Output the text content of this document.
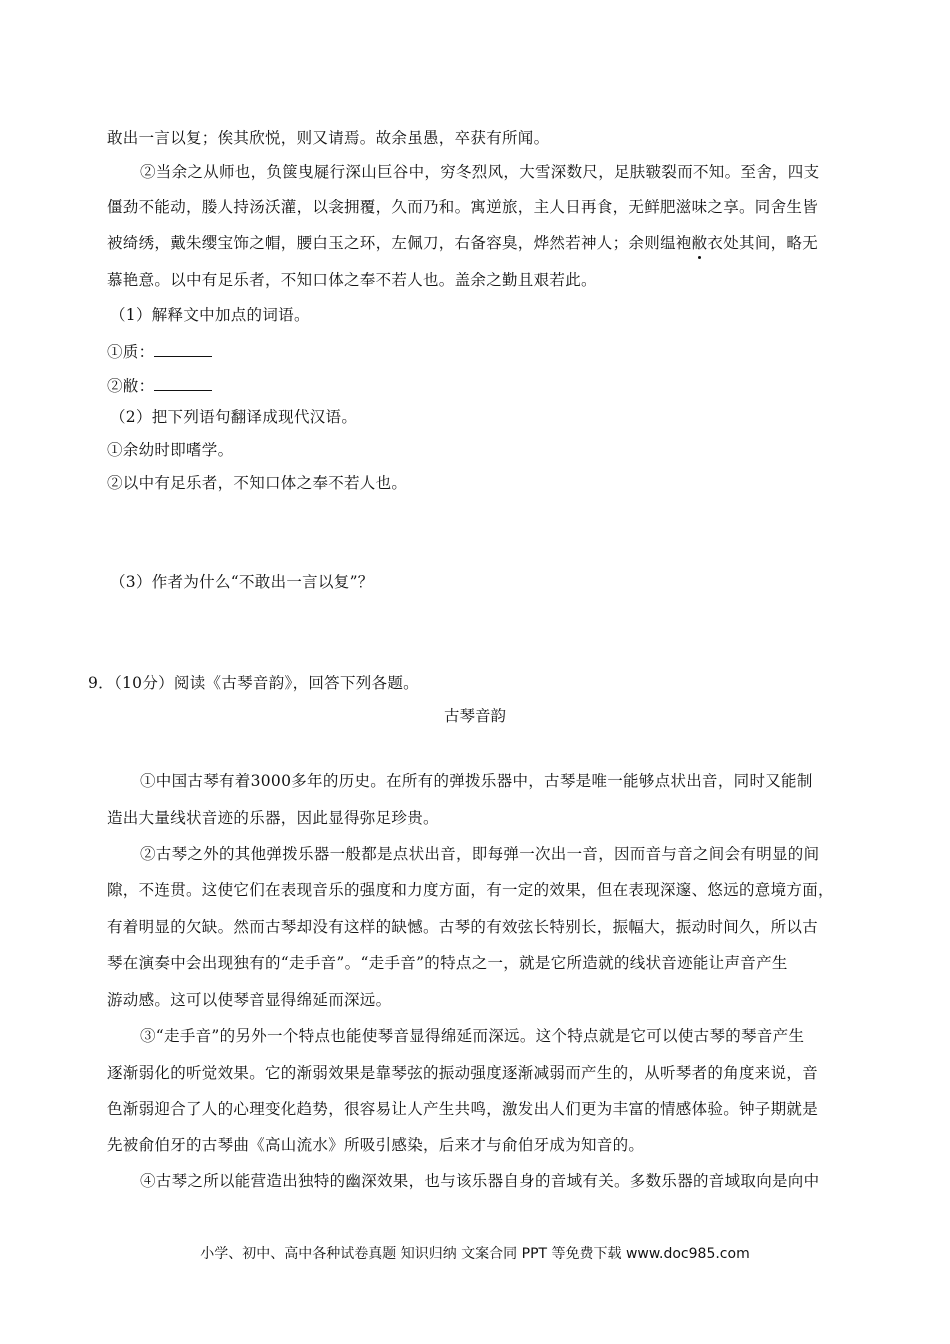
敢出一言以复；俟其欣悦，则又请焉。故余虽愚，卒获有所闻。
②当余之从师也，负箧曳屣行深山巨谷中，穷冬烈风，大雪深数尺，足肤皲裂而不知。至舍，四支
僵劲不能动，媵人持汤沃灌，以衾拥覆，久而乃和。寓逆旅，主人日再食，无鲜肥滋味之享。同舍生皆
被绮绣，戴朱缨宝饰之帽，腰白玉之环，左佩刀，右备容臭，烨然若神人；余则缊袍敝衣处其间，略无
慕艳意。以中有足乐者，不知口体之奉不若人也。盖余之勤且艰若此。
（1）解释文中加点的词语。
①质：
②敝：
（2）把下列语句翻译成现代汉语。
①余幼时即嗜学。
②以中有足乐者，不知口体之奉不若人也。
（3）作者为什么“不敢出一言以复”？
9．（10分）阅读《古琴音韵》，回答下列各题。
古琴音韵
①中国古琴有着3000多年的历史。在所有的弹拨乐器中，古琴是唯一能够点状出音，同时又能制
造出大量线状音迹的乐器，因此显得弥足珍贵。
②古琴之外的其他弹拨乐器一般都是点状出音，即每弹一次出一音，因而音与音之间会有明显的间
隙，不连贯。这使它们在表现音乐的强度和力度方面，有一定的效果，但在表现深邃、悠远的意境方面，
有着明显的欠缺。然而古琴却没有这样的缺憾。古琴的有效弦长特别长，振幅大，振动时间久，所以古
琴在演奏中会出现独有的“走手音”。“走手音”的特点之一，就是它所造就的线状音迹能让声音产生
游动感。这可以使琴音显得绵延而深远。
③“走手音”的另外一个特点也能使琴音显得绵延而深远。这个特点就是它可以使古琴的琴音产生
逐渐弱化的听觉效果。它的渐弱效果是靠琴弦的振动强度逐渐减弱而产生的，从听琴者的角度来说，音
色渐弱迎合了人的心理变化趋势，很容易让人产生共鸣，激发出人们更为丰富的情感体验。钟子期就是
先被俞伯牙的古琴曲《高山流水》所吸引感染，后来才与俞伯牙成为知音的。
④古琴之所以能营造出独特的幽深效果，也与该乐器自身的音域有关。多数乐器的音域取向是向中
小学、初中、高中各种试卷真题 知识归纳 文案合同 PPT 等免费下载 www.doc985.com
